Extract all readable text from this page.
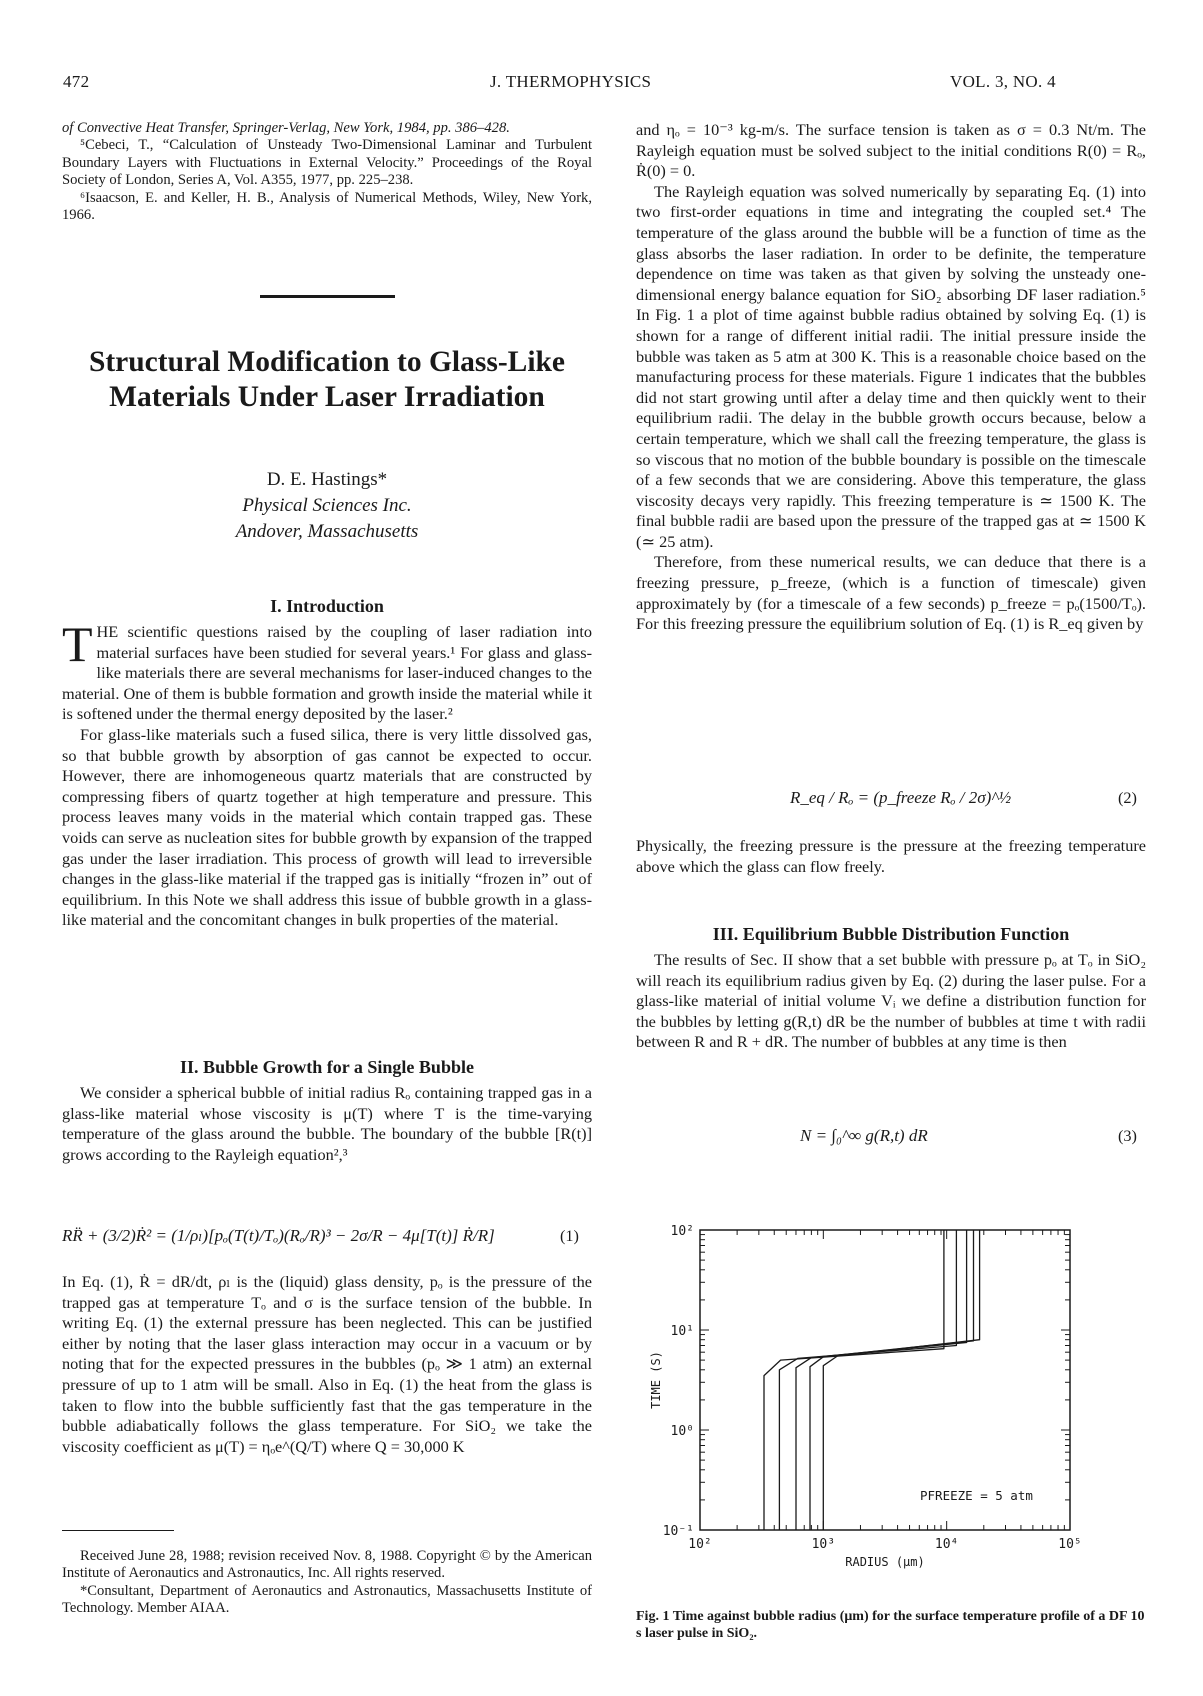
472	J. THERMOPHYSICS	VOL. 3, NO. 4

of Convective Heat Transfer, Springer-Verlag, New York, 1984, pp. 386–428.

⁵Cebeci, T., “Calculation of Unsteady Two-Dimensional Laminar and Turbulent Boundary Layers with Fluctuations in External Velocity.” Proceedings of the Royal Society of London, Series A, Vol. A355, 1977, pp. 225–238.

⁶Isaacson, E. and Keller, H. B., Analysis of Numerical Methods, Wiley, New York, 1966.

Structural Modification to Glass-Like
Materials Under Laser Irradiation
D. E. Hastings*
Physical Sciences Inc.
Andover, Massachusetts
I. Introduction

THE scientific questions raised by the coupling of laser radiation into material surfaces have been studied for several years.¹ For glass and glass-like materials there are several mechanisms for laser-induced changes to the material. One of them is bubble formation and growth inside the material while it is softened under the thermal energy deposited by the laser.²

For glass-like materials such a fused silica, there is very little dissolved gas, so that bubble growth by absorption of gas cannot be expected to occur. However, there are inhomogeneous quartz materials that are constructed by compressing fibers of quartz together at high temperature and pressure. This process leaves many voids in the material which contain trapped gas. These voids can serve as nucleation sites for bubble growth by expansion of the trapped gas under the laser irradiation. This process of growth will lead to irreversible changes in the glass-like material if the trapped gas is initially “frozen in” out of equilibrium. In this Note we shall address this issue of bubble growth in a glass-like material and the concomitant changes in bulk properties of the material.

II. Bubble Growth for a Single Bubble

We consider a spherical bubble of initial radius Rₒ containing trapped gas in a glass-like material whose viscosity is μ(T) where T is the time-varying temperature of the glass around the bubble. The boundary of the bubble [R(t)] grows according to the Rayleigh equation²,³

RR̈ + (3/2)Ṙ² = (1/ρₗ)[pₒ(T(t)/Tₒ)(Rₒ/R)³ − 2σ/R − 4μ[T(t)] Ṙ/R]	(1)

In Eq. (1), Ṙ = dR/dt, ρₗ is the (liquid) glass density, pₒ is the pressure of the trapped gas at temperature Tₒ and σ is the surface tension of the bubble. In writing Eq. (1) the external pressure has been neglected. This can be justified either by noting that the laser glass interaction may occur in a vacuum or by noting that for the expected pressures in the bubbles (pₒ ≫ 1 atm) an external pressure of up to 1 atm will be small. Also in Eq. (1) the heat from the glass is taken to flow into the bubble sufficiently fast that the gas temperature in the bubble adiabatically follows the glass temperature. For SiO₂ we take the viscosity coefficient as μ(T) = ηₒe^(Q/T) where Q = 30,000 K

Received June 28, 1988; revision received Nov. 8, 1988. Copyright © by the American Institute of Aeronautics and Astronautics, Inc. All rights reserved.

*Consultant, Department of Aeronautics and Astronautics, Massachusetts Institute of Technology. Member AIAA.

and ηₒ = 10⁻³ kg-m/s. The surface tension is taken as σ = 0.3 Nt/m. The Rayleigh equation must be solved subject to the initial conditions R(0) = Rₒ, Ṙ(0) = 0.

The Rayleigh equation was solved numerically by separating Eq. (1) into two first-order equations in time and integrating the coupled set.⁴ The temperature of the glass around the bubble will be a function of time as the glass absorbs the laser radiation. In order to be definite, the temperature dependence on time was taken as that given by solving the unsteady one-dimensional energy balance equation for SiO₂ absorbing DF laser radiation.⁵ In Fig. 1 a plot of time against bubble radius obtained by solving Eq. (1) is shown for a range of different initial radii. The initial pressure inside the bubble was taken as 5 atm at 300 K. This is a reasonable choice based on the manufacturing process for these materials. Figure 1 indicates that the bubbles did not start growing until after a delay time and then quickly went to their equilibrium radii. The delay in the bubble growth occurs because, below a certain temperature, which we shall call the freezing temperature, the glass is so viscous that no motion of the bubble boundary is possible on the timescale of a few seconds that we are considering. Above this temperature, the glass viscosity decays very rapidly. This freezing temperature is ≃ 1500 K. The final bubble radii are based upon the pressure of the trapped gas at ≃ 1500 K (≃ 25 atm).

Therefore, from these numerical results, we can deduce that there is a freezing pressure, p_freeze, (which is a function of timescale) given approximately by (for a timescale of a few seconds) p_freeze = pₒ(1500/Tₒ). For this freezing pressure the equilibrium solution of Eq. (1) is R_eq given by

R_eq / Rₒ = (p_freeze Rₒ / 2σ)^½	(2)

Physically, the freezing pressure is the pressure at the freezing temperature above which the glass can flow freely.

III. Equilibrium Bubble Distribution Function

The results of Sec. II show that a set bubble with pressure pₒ at Tₒ in SiO₂ will reach its equilibrium radius given by Eq. (2) during the laser pulse. For a glass-like material of initial volume Vᵢ we define a distribution function for the bubbles by letting g(R,t) dR be the number of bubbles at time t with radii between R and R + dR. The number of bubbles at any time is then

N = ∫₀^∞ g(R,t) dR	(3)
10²	10³	10⁴	10⁵
10⁻¹
10⁰
10¹
10²
RADIUS (μm)
TIME (S)
PFREEZE = 5 atm
Fig. 1 Time against bubble radius (μm) for the surface temperature profile of a DF 10 s laser pulse in SiO₂.
